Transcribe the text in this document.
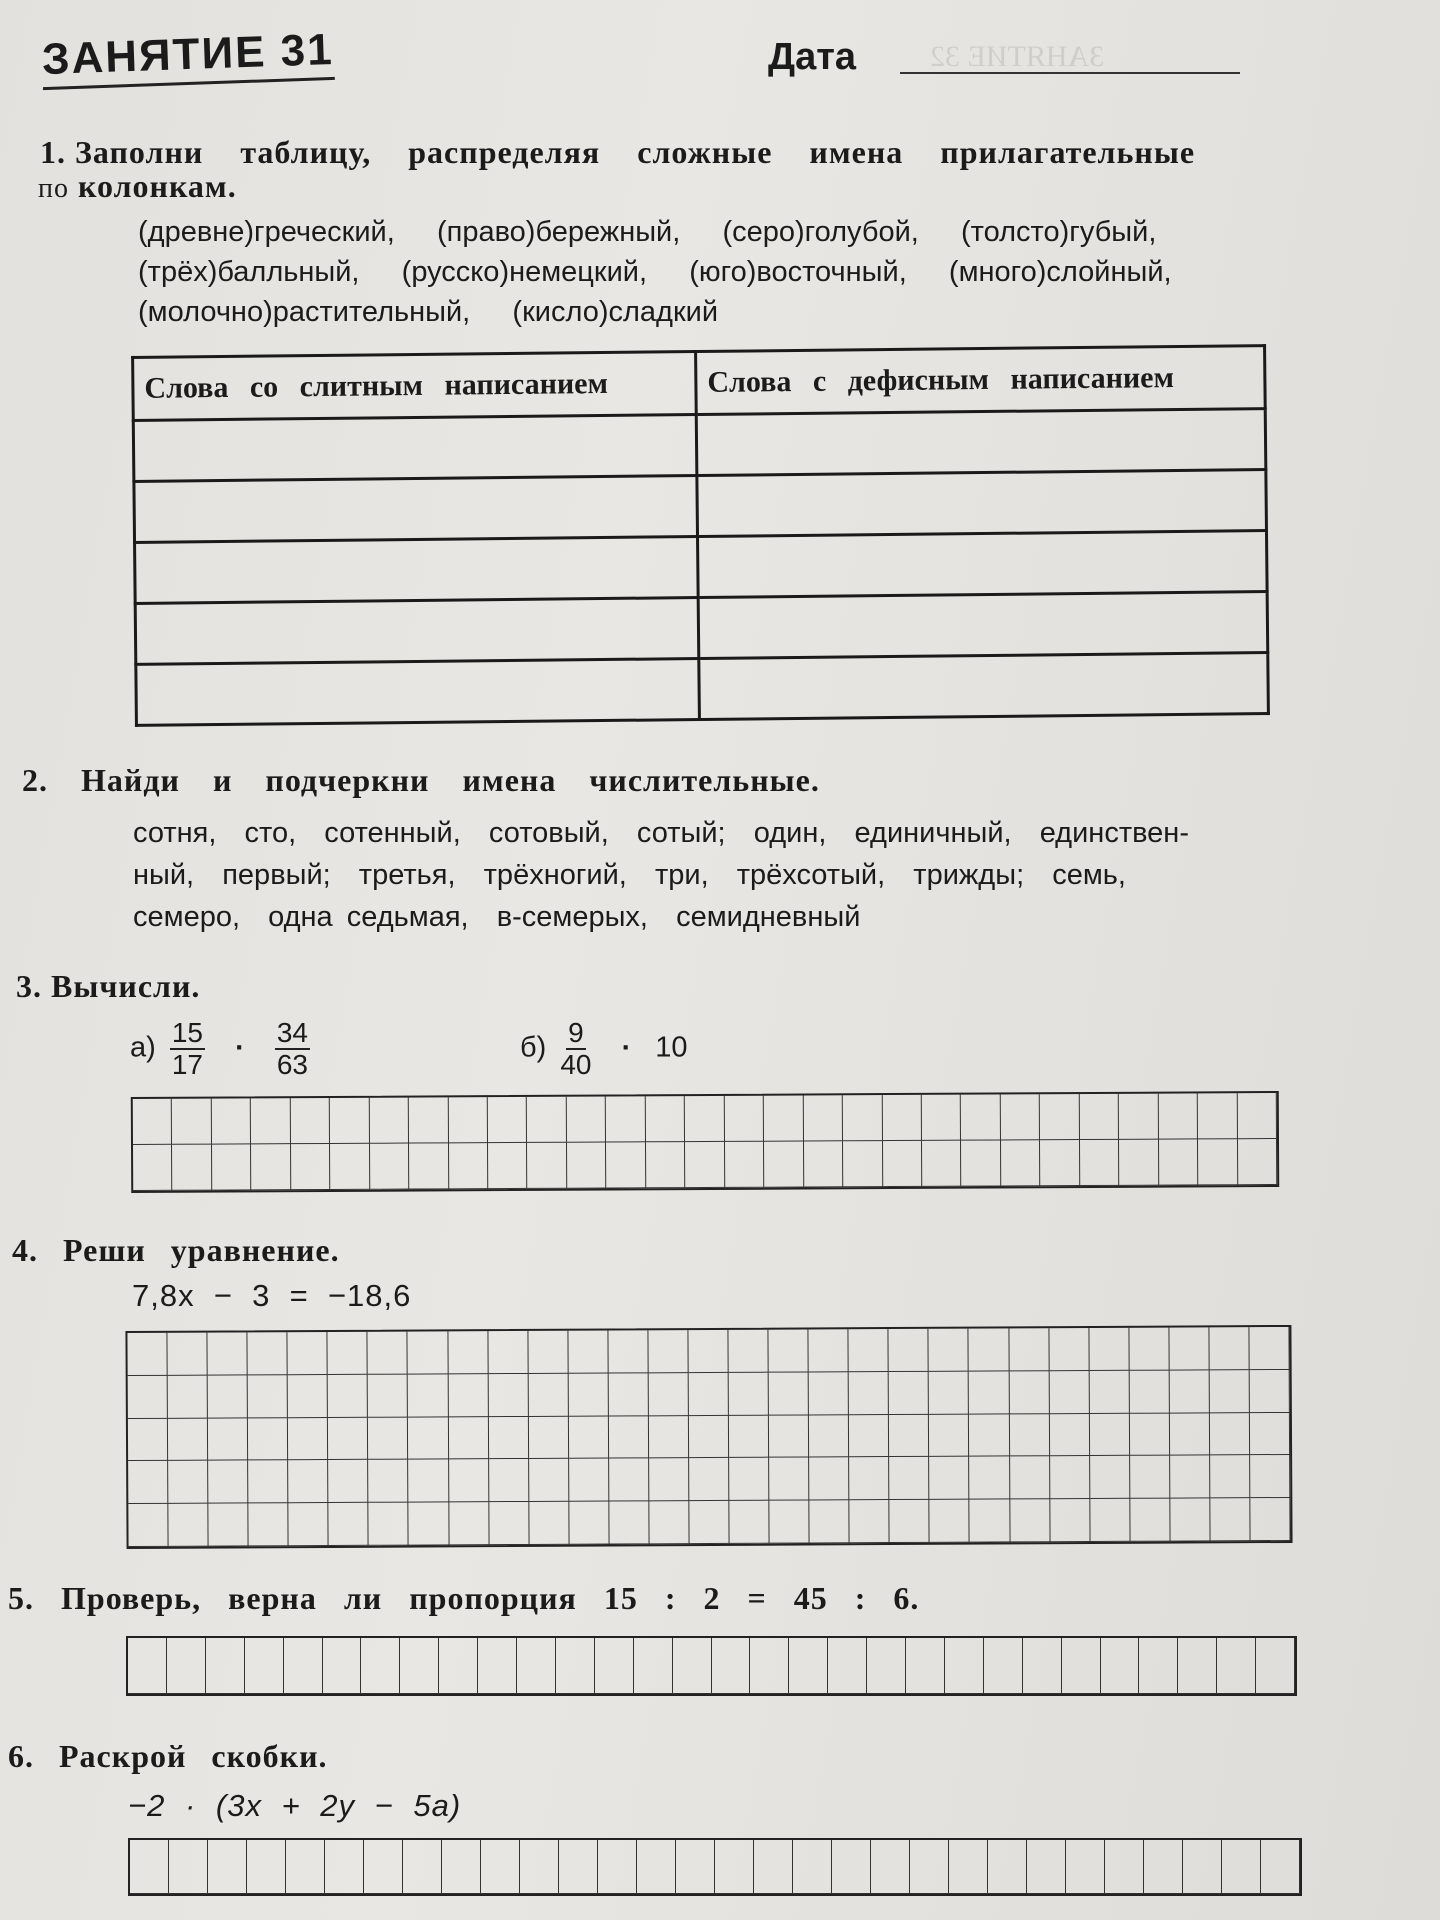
ЗАНЯТИЕ 32
ЗАНЯТИЕ 31	Дата
1. Заполни таблицу, распределяя сложные имена прилагательные
по колонкам.

(древне)греческий,   (право)бережный,   (серо)голубой,   (толсто)губый,

(трёх)балльный,   (русско)немецкий,   (юго)восточный,   (много)слойный,

(молочно)растительный,   (кисло)сладкий

Слова со слитным написанием	Слова с дефисным написанием

2. Найди и подчеркни имена числительные.

сотня,  сто,  сотенный,  сотовый,  сотый;  один,  единичный,  единствен-

ный,  первый;  третья,  трёхногий,  три,  трёхсотый,  трижды;  семь,

семеро,  одна седьмая,  в-семерых,  семидневный

3. Вычисли.
$а) \frac{15}{17} \cdot \frac{34}{63}$	$б) \frac{9}{40} \cdot 10$
4. Реши уравнение.
7,8x  −  3  =  −18,6
5. Проверь, верна ли пропорция 15 : 2 = 45 : 6.
6. Раскрой скобки.
−2 · (3x + 2y − 5a)
